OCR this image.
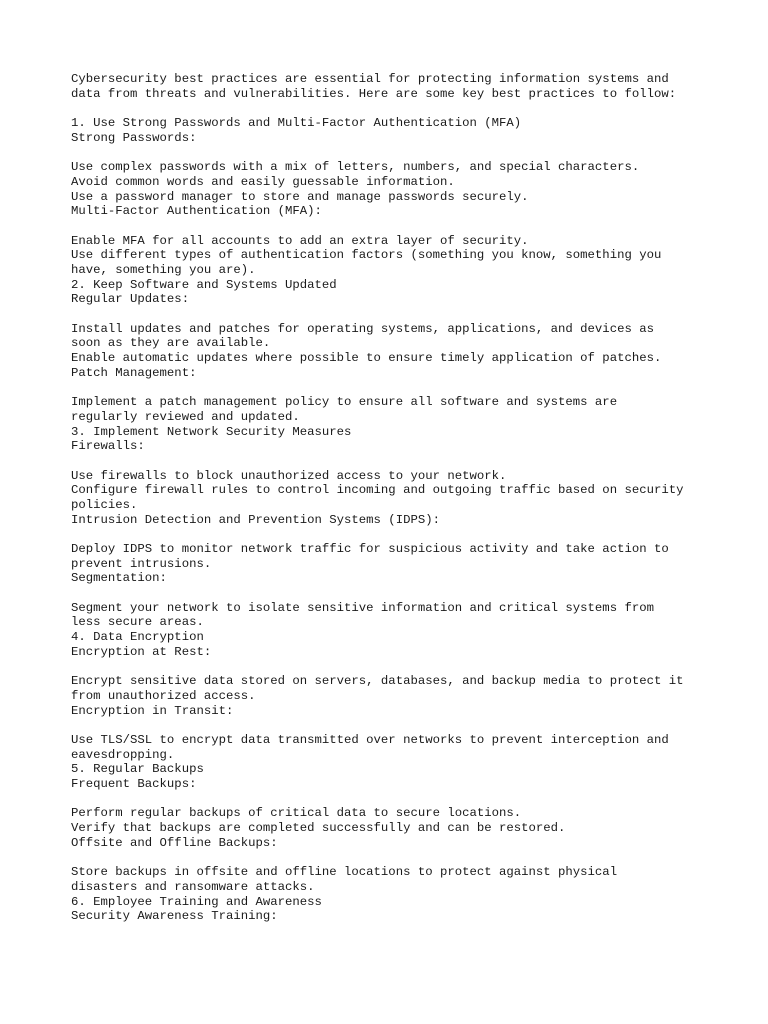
Cybersecurity best practices are essential for protecting information systems and
data from threats and vulnerabilities. Here are some key best practices to follow:
1. Use Strong Passwords and Multi-Factor Authentication (MFA)
Strong Passwords:
Use complex passwords with a mix of letters, numbers, and special characters.
Avoid common words and easily guessable information.
Use a password manager to store and manage passwords securely.
Multi-Factor Authentication (MFA):
Enable MFA for all accounts to add an extra layer of security.
Use different types of authentication factors (something you know, something you
have, something you are).
2. Keep Software and Systems Updated
Regular Updates:
Install updates and patches for operating systems, applications, and devices as
soon as they are available.
Enable automatic updates where possible to ensure timely application of patches.
Patch Management:
Implement a patch management policy to ensure all software and systems are
regularly reviewed and updated.
3. Implement Network Security Measures
Firewalls:
Use firewalls to block unauthorized access to your network.
Configure firewall rules to control incoming and outgoing traffic based on security
policies.
Intrusion Detection and Prevention Systems (IDPS):
Deploy IDPS to monitor network traffic for suspicious activity and take action to
prevent intrusions.
Segmentation:
Segment your network to isolate sensitive information and critical systems from
less secure areas.
4. Data Encryption
Encryption at Rest:
Encrypt sensitive data stored on servers, databases, and backup media to protect it
from unauthorized access.
Encryption in Transit:
Use TLS/SSL to encrypt data transmitted over networks to prevent interception and
eavesdropping.
5. Regular Backups
Frequent Backups:
Perform regular backups of critical data to secure locations.
Verify that backups are completed successfully and can be restored.
Offsite and Offline Backups:
Store backups in offsite and offline locations to protect against physical
disasters and ransomware attacks.
6. Employee Training and Awareness
Security Awareness Training:
